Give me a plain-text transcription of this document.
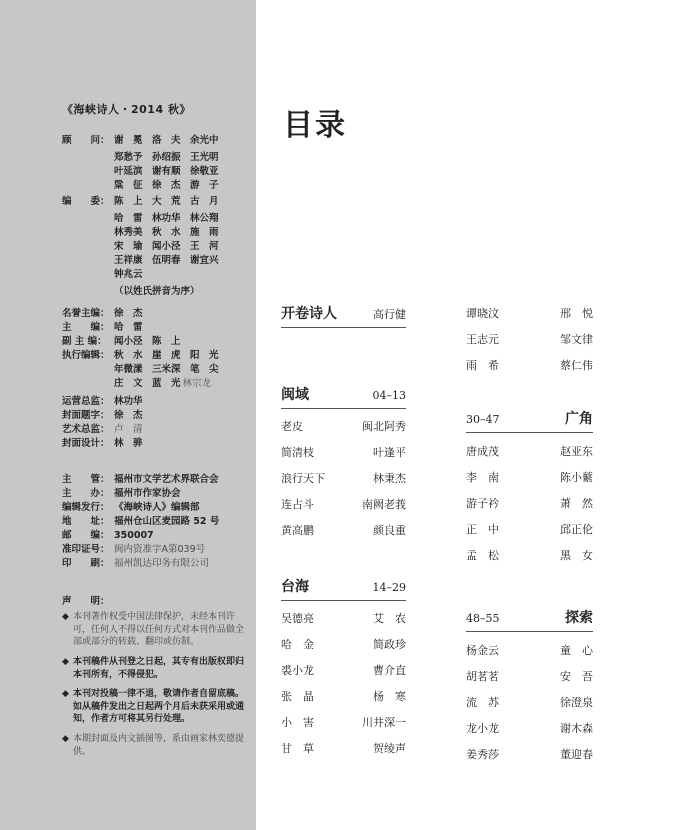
《海峡诗人・2014 秋》
顾　　问： 谢　冕　洛　夫　余光中
郑愁予　孙绍振　王光明
叶延滨　谢有顺　徐敬亚
粱　征　徐　杰　游　子
编　　委： 陈　上　大　荒　古　月
哈　雷　林功华　林公翔
林秀美　秋　水　施　雨
宋　瑜　闻小泾　王　河
王祥康　伍明春　谢宜兴
钟兆云
（以姓氏拼音为序）
名誉主编： 徐　杰
主　　编： 哈　雷
副 主 编： 闻小泾　陈　上
执行编辑： 秋　水　崖　虎　阳　光
年微漾　三米深　笔　尖
庄　文　蓝　光 林宗龙
运营总监： 林功华
封面题字： 徐　杰
艺术总监： 卢　清
封面设计： 林　骅
主　　管： 福州市文学艺术界联合会
主　　办： 福州市作家协会
编辑发行： 《海峡诗人》编辑部
地　　址： 福州仓山区麦园路 52 号
邮　　编： 350007
准印证号： 闽内资准字A第039号
印　　刷： 福州凯达印务有限公司
声　　明：
◆ 本刊著作权受中国法律保护，未经本刊许可，任何人不得以任何方式对本刊作品做全部或部分的转载、翻印或仿制。
◆ 本刊稿件从刊登之日起，其专有出版权即归本刊所有，不得侵犯。
◆ 本刊对投稿一律不退，敬请作者自留底稿。如从稿件发出之日起两个月后未获采用或通知，作者方可将其另行处理。
◆ 本期封面及内文插图等，系由画家林奕德提供。
目录
开卷诗人	高行健
闽域	04–13
老皮	闽北阿秀
简清枝	叶逢平
浪行天下	林秉杰
连占斗	南阙老莪
黄高鹏	颜良重
台海	14–29
吴德亮	艾　农
哈　金	简政珍
裘小龙	曹介直
张　晶	杨　寒
小　害	川井深一
甘　草	贺绫声
谭晓汶	邢　悦
王志元	邹文律
雨　希	蔡仁伟
30–47	广角
唐成茂	赵亚东
李　南	陈小蘩
游子衿	萧　然
正　中	邱正伦
孟　松	黑　女
48–55	探索
杨金云	童　心
胡茗茗	安　吾
流　苏	徐澄泉
龙小龙	谢木森
姜秀莎	董迎春
